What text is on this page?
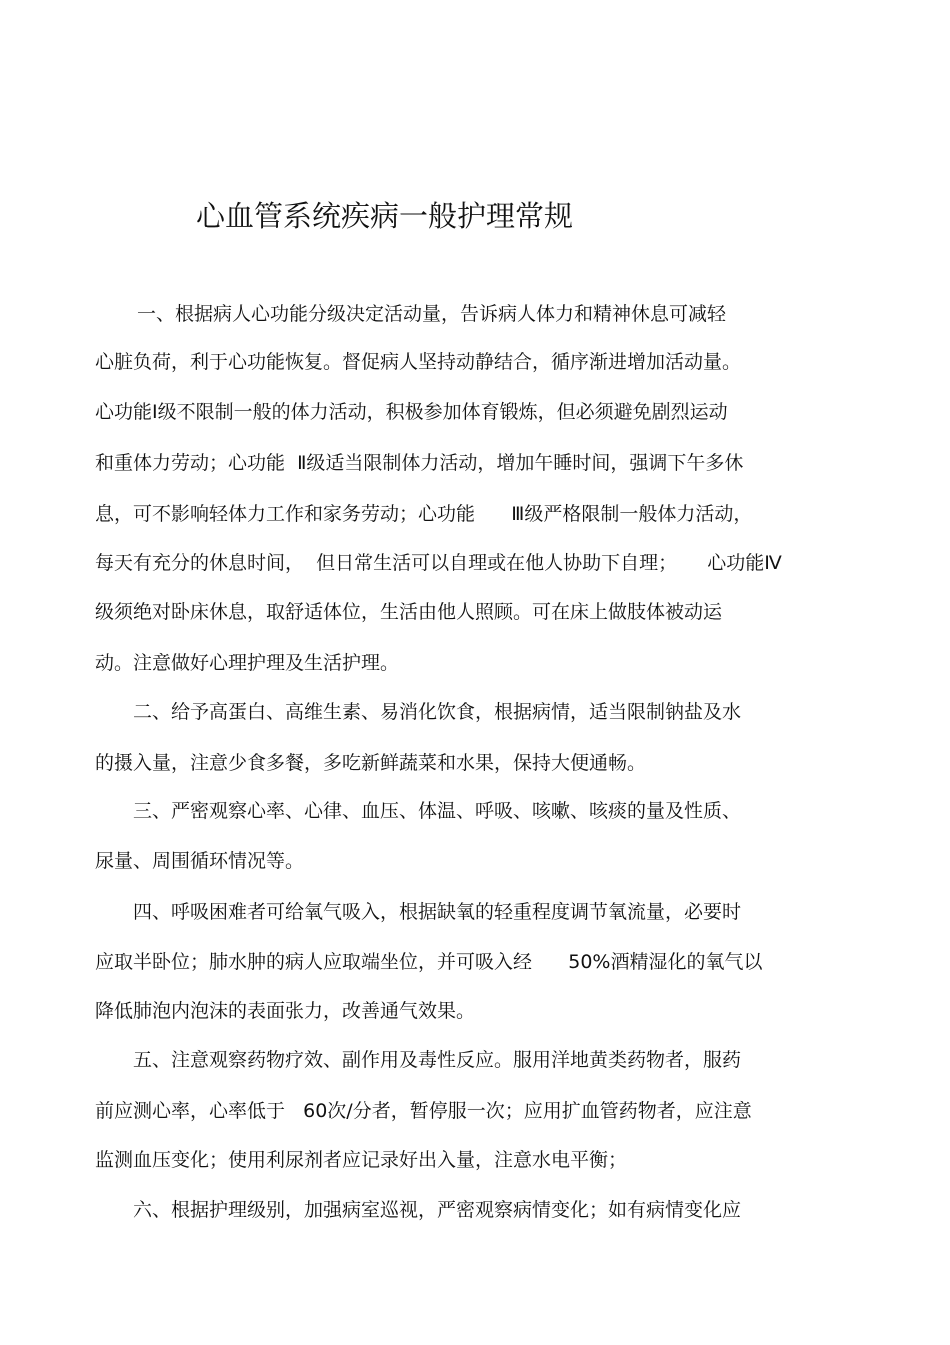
心血管系统疾病一般护理常规
一、根据病人心功能分级决定活动量，告诉病人体力和精神休息可减轻
心脏负荷，利于心功能恢复。督促病人坚持动静结合，循序渐进增加活动量。
心功能Ⅰ级不限制一般的体力活动，积极参加体育锻炼，但必须避免剧烈运动
和重体力劳动；心功能  Ⅱ级适当限制体力活动，增加午睡时间，强调下午多休
息，可不影响轻体力工作和家务劳动；心功能      Ⅲ级严格限制一般体力活动，
每天有充分的休息时间，  但日常生活可以自理或在他人协助下自理；     心功能Ⅳ
级须绝对卧床休息，取舒适体位，生活由他人照顾。可在床上做肢体被动运
动。注意做好心理护理及生活护理。
二、给予高蛋白、高维生素、易消化饮食，根据病情，适当限制钠盐及水
的摄入量，注意少食多餐，多吃新鲜蔬菜和水果，保持大便通畅。
三、严密观察心率、心律、血压、体温、呼吸、咳嗽、咳痰的量及性质、
尿量、周围循环情况等。
四、呼吸困难者可给氧气吸入，根据缺氧的轻重程度调节氧流量，必要时
应取半卧位；肺水肿的病人应取端坐位，并可吸入经      50%酒精湿化的氧气以
降低肺泡内泡沫的表面张力，改善通气效果。
五、注意观察药物疗效、副作用及毒性反应。服用洋地黄类药物者，服药
前应测心率，心率低于   60次/分者，暂停服一次；应用扩血管药物者，应注意
监测血压变化；使用利尿剂者应记录好出入量，注意水电平衡；
六、根据护理级别，加强病室巡视，严密观察病情变化；如有病情变化应
